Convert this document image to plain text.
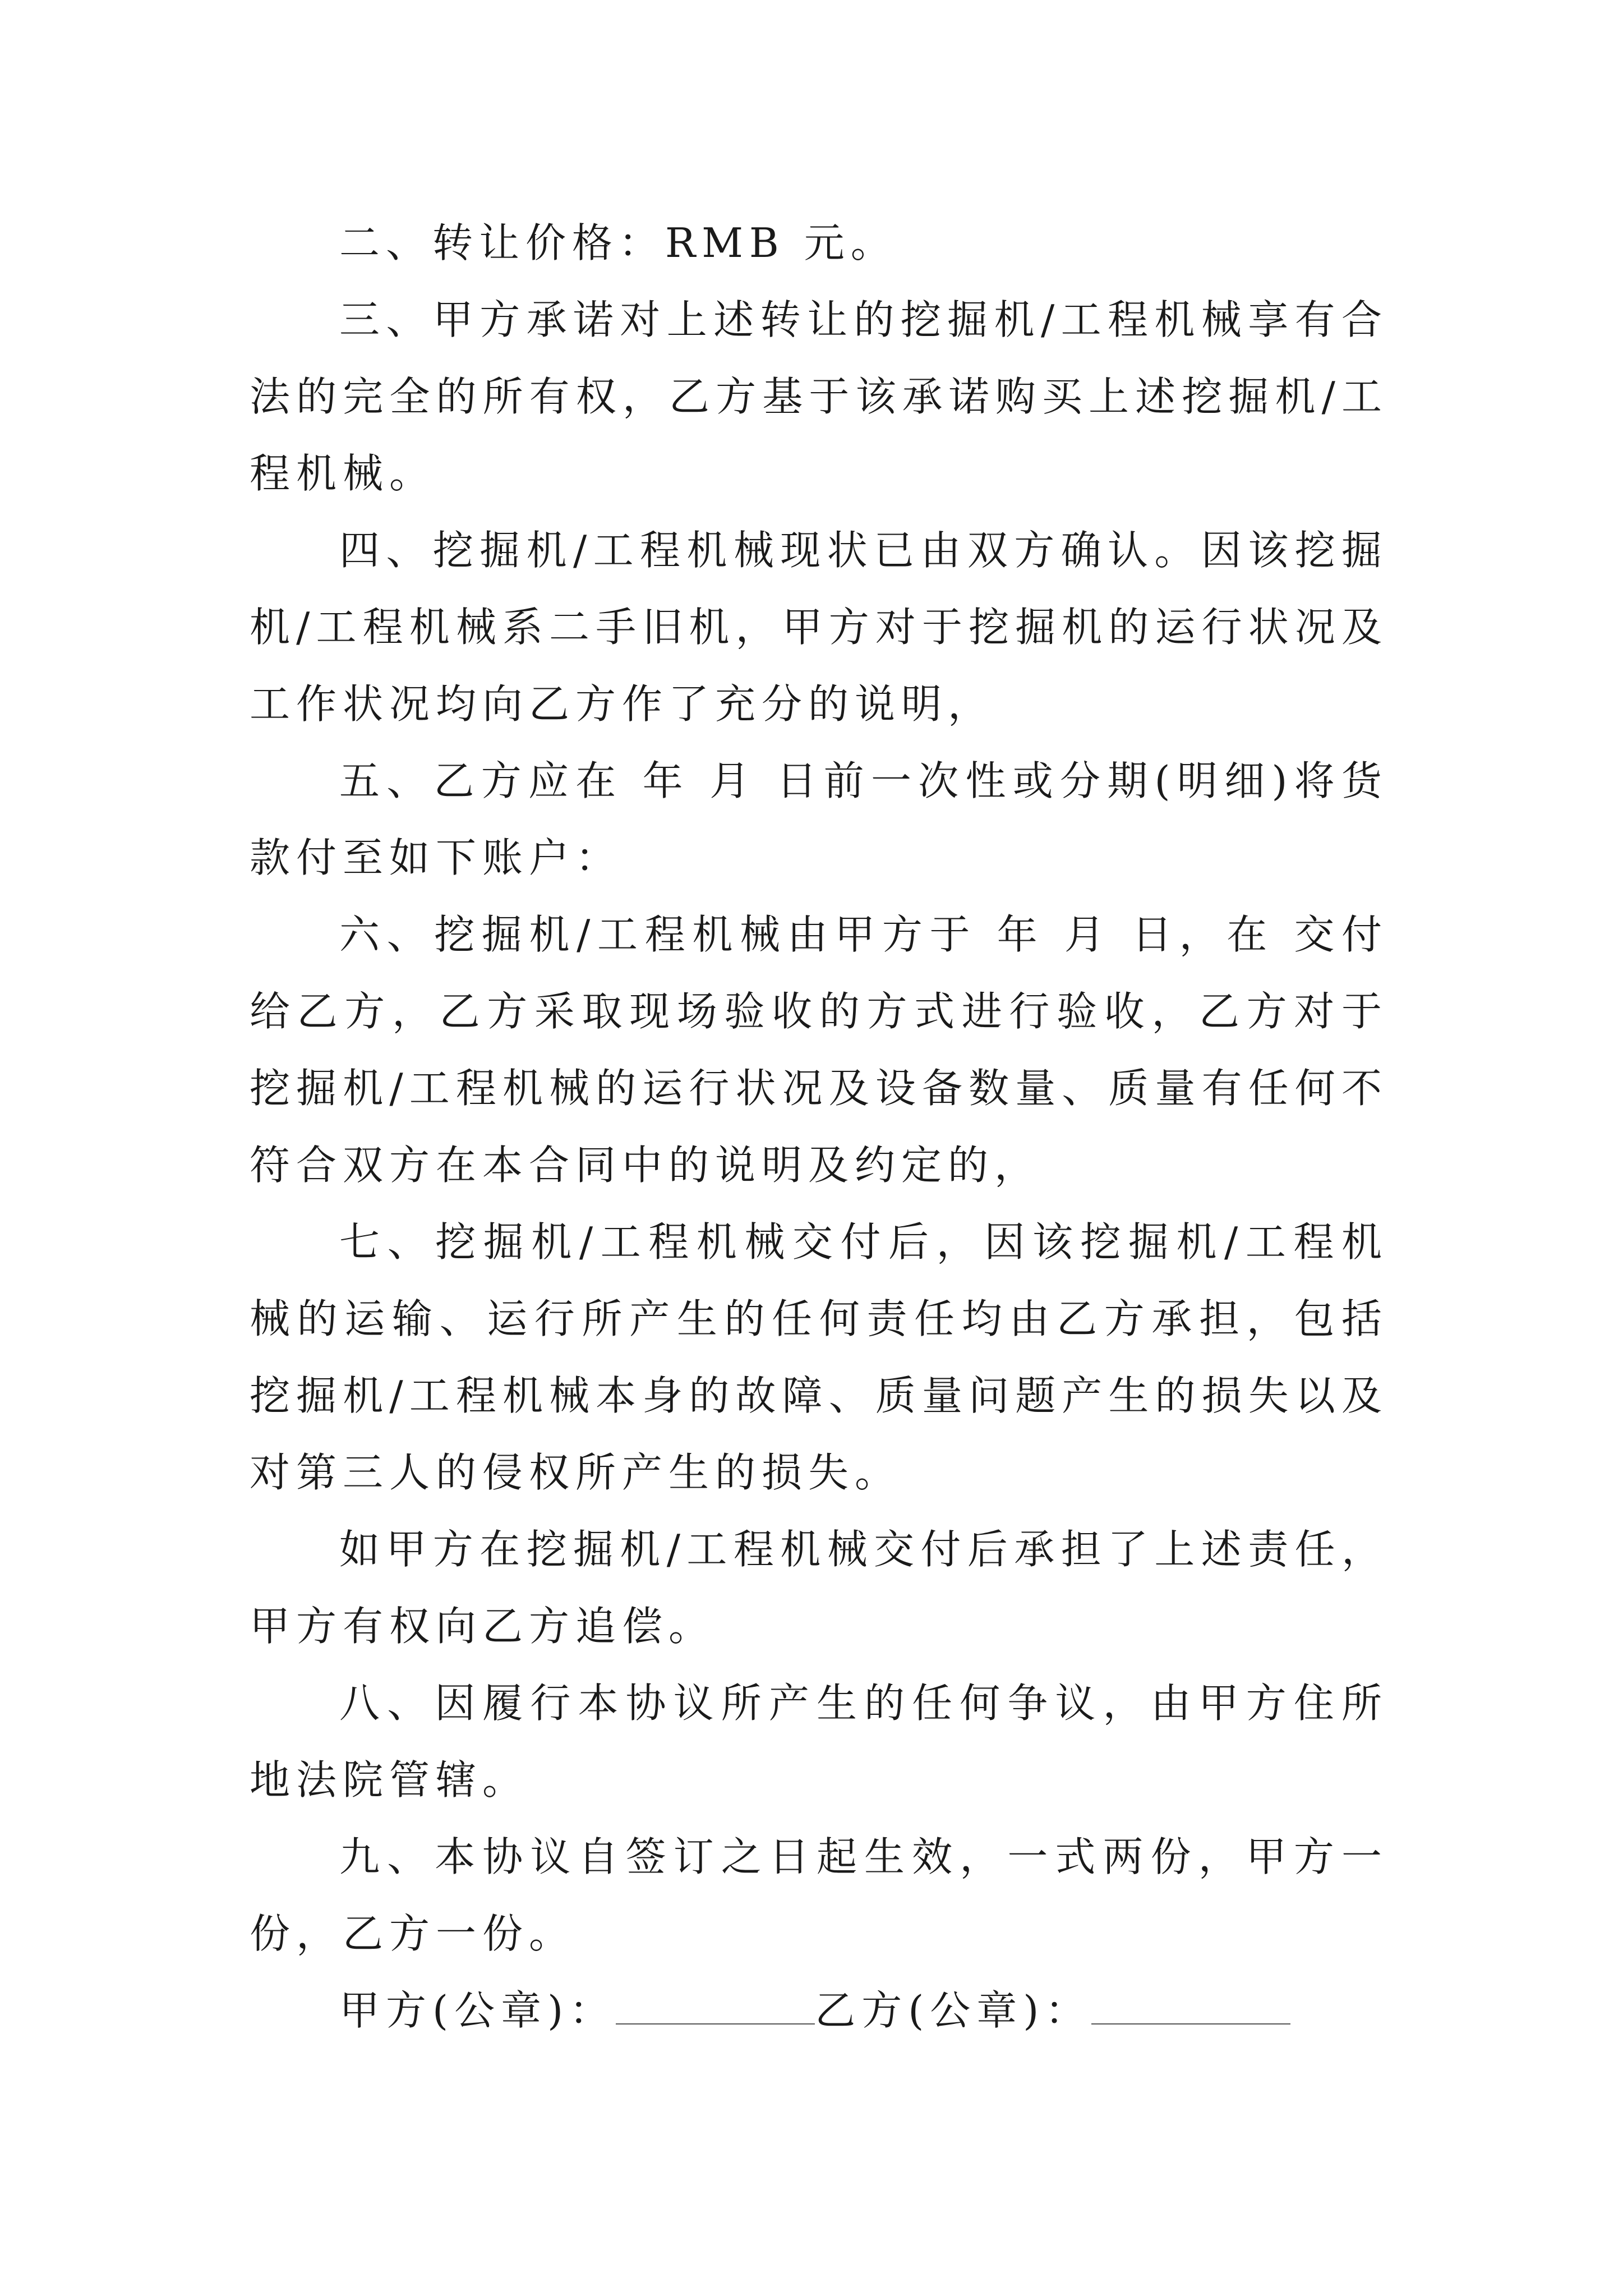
二、转让价格：RMB 元。

三、甲方承诺对上述转让的挖掘机/工程机械享有合法的完全的所有权，乙方基于该承诺购买上述挖掘机/工程机械。

四、挖掘机/工程机械现状已由双方确认。因该挖掘机/工程机械系二手旧机，甲方对于挖掘机的运行状况及工作状况均向乙方作了充分的说明，

五、乙方应在 年 月 日前一次性或分期(明细)将货款付至如下账户：

六、挖掘机/工程机械由甲方于 年 月 日，在 交付给乙方，乙方采取现场验收的方式进行验收，乙方对于挖掘机/工程机械的运行状况及设备数量、质量有任何不符合双方在本合同中的说明及约定的，

七、挖掘机/工程机械交付后，因该挖掘机/工程机械的运输、运行所产生的任何责任均由乙方承担，包括挖掘机/工程机械本身的故障、质量问题产生的损失以及对第三人的侵权所产生的损失。

如甲方在挖掘机/工程机械交付后承担了上述责任，甲方有权向乙方追偿。

八、因履行本协议所产生的任何争议，由甲方住所地法院管辖。

九、本协议自签订之日起生效，一式两份，甲方一份，乙方一份。

甲方(公章)：	乙方(公章)：
